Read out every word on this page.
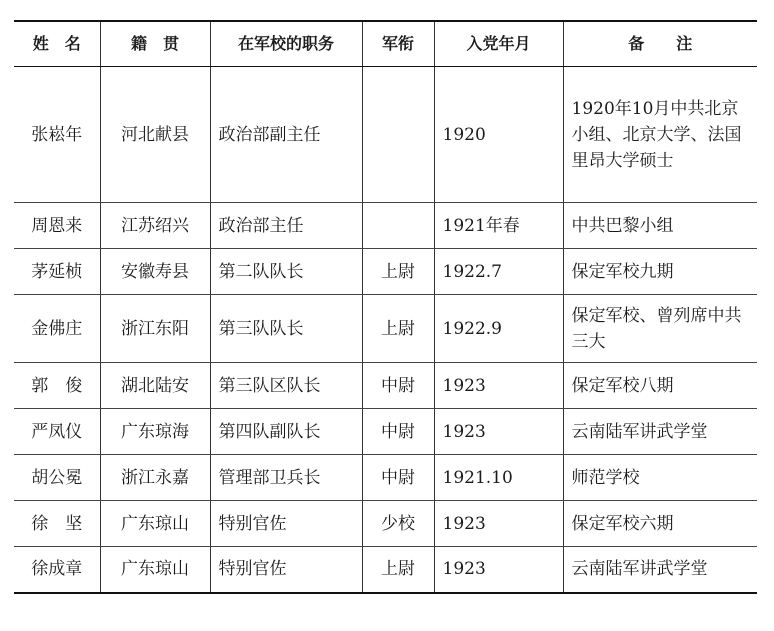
姓　名	籍　贯	在军校的职务	军衔	入党年月	备　　注
张崧年	河北献县	政治部副主任		1920	1920年10月中共北京小组、北京大学、法国里昂大学硕士
周恩来	江苏绍兴	政治部主任		1921年春	中共巴黎小组
茅延桢	安徽寿县	第二队队长	上尉	1922.7	保定军校九期
金佛庄	浙江东阳	第三队队长	上尉	1922.9	保定军校、曾列席中共三大
郭　俊	湖北陆安	第三队区队长	中尉	1923	保定军校八期
严凤仪	广东琼海	第四队副队长	中尉	1923	云南陆军讲武学堂
胡公冕	浙江永嘉	管理部卫兵长	中尉	1921.10	师范学校
徐　坚	广东琼山	特别官佐	少校	1923	保定军校六期
徐成章	广东琼山	特别官佐	上尉	1923	云南陆军讲武学堂
